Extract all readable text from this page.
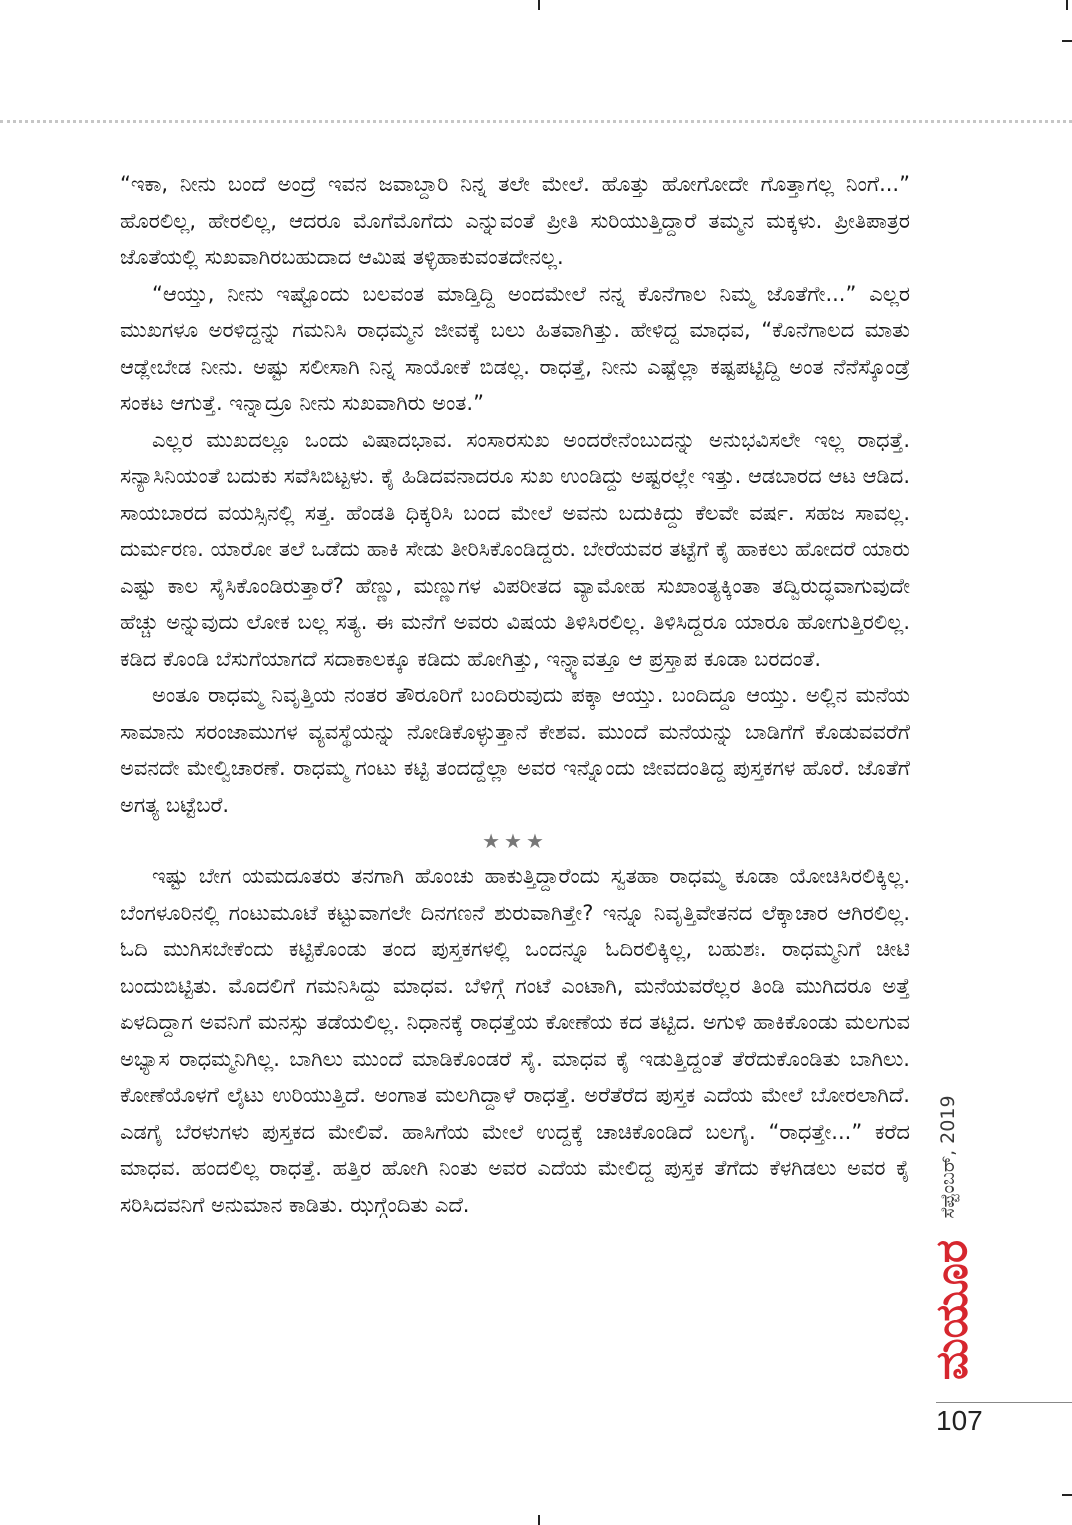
“ಇಕಾ, ನೀನು ಬಂದೆ ಅಂದ್ರೆ ಇವನ ಜವಾಬ್ದಾರಿ ನಿನ್ನ ತಲೇ ಮೇಲೆ. ಹೊತ್ತು ಹೋಗೋದೇ ಗೊತ್ತಾಗಲ್ಲ ನಿಂಗೆ...” ಹೊರಲಿಲ್ಲ, ಹೇರಲಿಲ್ಲ, ಆದರೂ ಮೊಗೆಮೊಗೆದು ಎನ್ನುವಂತೆ ಪ್ರೀತಿ ಸುರಿಯುತ್ತಿದ್ದಾರೆ ತಮ್ಮನ ಮಕ್ಕಳು. ಪ್ರೀತಿಪಾತ್ರರ ಜೊತೆಯಲ್ಲಿ ಸುಖವಾಗಿರಬಹುದಾದ ಆಮಿಷ ತಳ್ಳಿಹಾಕುವಂತದೇನಲ್ಲ.

“ಆಯ್ತು, ನೀನು ಇಷ್ಟೊಂದು ಬಲವಂತ ಮಾಡ್ತಿದ್ದಿ ಅಂದಮೇಲೆ ನನ್ನ ಕೊನೆಗಾಲ ನಿಮ್ಮ ಜೊತೆಗೇ...” ಎಲ್ಲರ ಮುಖಗಳೂ ಅರಳಿದ್ದನ್ನು ಗಮನಿಸಿ ರಾಧಮ್ಮನ ಜೀವಕ್ಕೆ ಬಲು ಹಿತವಾಗಿತ್ತು. ಹೇಳಿದ್ದ ಮಾಧವ, “ಕೊನೆಗಾಲದ ಮಾತು ಆಡ್ಲೇಬೇಡ ನೀನು. ಅಷ್ಟು ಸಲೀಸಾಗಿ ನಿನ್ನ ಸಾಯೋಕೆ ಬಿಡಲ್ಲ. ರಾಧತ್ತೆ, ನೀನು ಎಷ್ಟೆಲ್ಲಾ ಕಷ್ಟಪಟ್ಟಿದ್ದಿ ಅಂತ ನೆನೆಸ್ಕೊಂಡ್ರೆ ಸಂಕಟ ಆಗುತ್ತೆ. ಇನ್ನಾದ್ರೂ ನೀನು ಸುಖವಾಗಿರು ಅಂತ.”

ಎಲ್ಲರ ಮುಖದಲ್ಲೂ ಒಂದು ವಿಷಾದಭಾವ. ಸಂಸಾರಸುಖ ಅಂದರೇನೆಂಬುದನ್ನು ಅನುಭವಿಸಲೇ ಇಲ್ಲ ರಾಧತ್ತೆ. ಸನ್ಯಾಸಿನಿಯಂತೆ ಬದುಕು ಸವೆಸಿಬಿಟ್ಟಳು. ಕೈ ಹಿಡಿದವನಾದರೂ ಸುಖ ಉಂಡಿದ್ದು ಅಷ್ಟರಲ್ಲೇ ಇತ್ತು. ಆಡಬಾರದ ಆಟ ಆಡಿದ. ಸಾಯಬಾರದ ವಯಸ್ಸಿನಲ್ಲಿ ಸತ್ತ. ಹೆಂಡತಿ ಧಿಕ್ಕರಿಸಿ ಬಂದ ಮೇಲೆ ಅವನು ಬದುಕಿದ್ದು ಕೆಲವೇ ವರ್ಷ. ಸಹಜ ಸಾವಲ್ಲ. ದುರ್ಮರಣ. ಯಾರೋ ತಲೆ ಒಡೆದು ಹಾಕಿ ಸೇಡು ತೀರಿಸಿಕೊಂಡಿದ್ದರು. ಬೇರೆಯವರ ತಟ್ಟೆಗೆ ಕೈ ಹಾಕಲು ಹೋದರೆ ಯಾರು ಎಷ್ಟು ಕಾಲ ಸೈಸಿಕೊಂಡಿರುತ್ತಾರೆ? ಹೆಣ್ಣು, ಮಣ್ಣುಗಳ ವಿಪರೀತದ ವ್ಯಾಮೋಹ ಸುಖಾಂತ್ಯಕ್ಕಿಂತಾ ತದ್ವಿರುದ್ಧವಾಗುವುದೇ ಹೆಚ್ಚು ಅನ್ನುವುದು ಲೋಕ ಬಲ್ಲ ಸತ್ಯ. ಈ ಮನೆಗೆ ಅವರು ವಿಷಯ ತಿಳಿಸಿರಲಿಲ್ಲ. ತಿಳಿಸಿದ್ದರೂ ಯಾರೂ ಹೋಗುತ್ತಿರಲಿಲ್ಲ. ಕಡಿದ ಕೊಂಡಿ ಬೆಸುಗೆಯಾಗದೆ ಸದಾಕಾಲಕ್ಕೂ ಕಡಿದು ಹೋಗಿತ್ತು, ಇನ್ನ್ಯಾವತ್ತೂ ಆ ಪ್ರಸ್ತಾಪ ಕೂಡಾ ಬರದಂತೆ.

ಅಂತೂ ರಾಧಮ್ಮ ನಿವೃತ್ತಿಯ ನಂತರ ತೌರೂರಿಗೆ ಬಂದಿರುವುದು ಪಕ್ಕಾ ಆಯ್ತು. ಬಂದಿದ್ದೂ ಆಯ್ತು. ಅಲ್ಲಿನ ಮನೆಯ ಸಾಮಾನು ಸರಂಜಾಮುಗಳ ವ್ಯವಸ್ಥೆಯನ್ನು ನೋಡಿಕೊಳ್ಳುತ್ತಾನೆ ಕೇಶವ. ಮುಂದೆ ಮನೆಯನ್ನು ಬಾಡಿಗೆಗೆ ಕೊಡುವವರೆಗೆ ಅವನದೇ ಮೇಲ್ವಿಚಾರಣೆ. ರಾಧಮ್ಮ ಗಂಟು ಕಟ್ಟಿ ತಂದದ್ದೆಲ್ಲಾ ಅವರ ಇನ್ನೊಂದು ಜೀವದಂತಿದ್ದ ಪುಸ್ತಕಗಳ ಹೊರೆ. ಜೊತೆಗೆ ಅಗತ್ಯ ಬಟ್ಟೆಬರೆ.

★★★

ಇಷ್ಟು ಬೇಗ ಯಮದೂತರು ತನಗಾಗಿ ಹೊಂಚು ಹಾಕುತ್ತಿದ್ದಾರೆಂದು ಸ್ವತಹಾ ರಾಧಮ್ಮ ಕೂಡಾ ಯೋಚಿಸಿರಲಿಕ್ಕಿಲ್ಲ. ಬೆಂಗಳೂರಿನಲ್ಲಿ ಗಂಟುಮೂಟೆ ಕಟ್ಟುವಾಗಲೇ ದಿನಗಣನೆ ಶುರುವಾಗಿತ್ತೇ? ಇನ್ನೂ ನಿವೃತ್ತಿವೇತನದ ಲೆಕ್ಕಾಚಾರ ಆಗಿರಲಿಲ್ಲ. ಓದಿ ಮುಗಿಸಬೇಕೆಂದು ಕಟ್ಟಿಕೊಂಡು ತಂದ ಪುಸ್ತಕಗಳಲ್ಲಿ ಒಂದನ್ನೂ ಓದಿರಲಿಕ್ಕಿಲ್ಲ, ಬಹುಶಃ. ರಾಧಮ್ಮನಿಗೆ ಚೀಟಿ ಬಂದುಬಿಟ್ಟಿತು. ಮೊದಲಿಗೆ ಗಮನಿಸಿದ್ದು ಮಾಧವ. ಬೆಳಿಗ್ಗೆ ಗಂಟೆ ಎಂಟಾಗಿ, ಮನೆಯವರೆಲ್ಲರ ತಿಂಡಿ ಮುಗಿದರೂ ಅತ್ತೆ ಏಳದಿದ್ದಾಗ ಅವನಿಗೆ ಮನಸ್ಸು ತಡೆಯಲಿಲ್ಲ. ನಿಧಾನಕ್ಕೆ ರಾಧತ್ತೆಯ ಕೋಣೆಯ ಕದ ತಟ್ಟಿದ. ಅಗುಳಿ ಹಾಕಿಕೊಂಡು ಮಲಗುವ ಅಭ್ಯಾಸ ರಾಧಮ್ಮನಿಗಿಲ್ಲ. ಬಾಗಿಲು ಮುಂದೆ ಮಾಡಿಕೊಂಡರೆ ಸೈ. ಮಾಧವ ಕೈ ಇಡುತ್ತಿದ್ದಂತೆ ತೆರೆದುಕೊಂಡಿತು ಬಾಗಿಲು. ಕೋಣೆಯೊಳಗೆ ಲೈಟು ಉರಿಯುತ್ತಿದೆ. ಅಂಗಾತ ಮಲಗಿದ್ದಾಳೆ ರಾಧತ್ತೆ. ಅರೆತೆರೆದ ಪುಸ್ತಕ ಎದೆಯ ಮೇಲೆ ಬೋರಲಾಗಿದೆ. ಎಡಗೈ ಬೆರಳುಗಳು ಪುಸ್ತಕದ ಮೇಲಿವೆ. ಹಾಸಿಗೆಯ ಮೇಲೆ ಉದ್ದಕ್ಕೆ ಚಾಚಿಕೊಂಡಿದೆ ಬಲಗೈ. “ರಾಧತ್ತೇ...” ಕರೆದ ಮಾಧವ. ಹಂದಲಿಲ್ಲ ರಾಧತ್ತೆ. ಹತ್ತಿರ ಹೋಗಿ ನಿಂತು ಅವರ ಎದೆಯ ಮೇಲಿದ್ದ ಪುಸ್ತಕ ತೆಗೆದು ಕೆಳಗಿಡಲು ಅವರ ಕೈ ಸರಿಸಿದವನಿಗೆ ಅನುಮಾನ ಕಾಡಿತು. ಝಗ್ಗೆಂದಿತು ಎದೆ.	ಸೆಪ್ಟೆಂಬರ್, 2019
ಮಯೂರ
107
